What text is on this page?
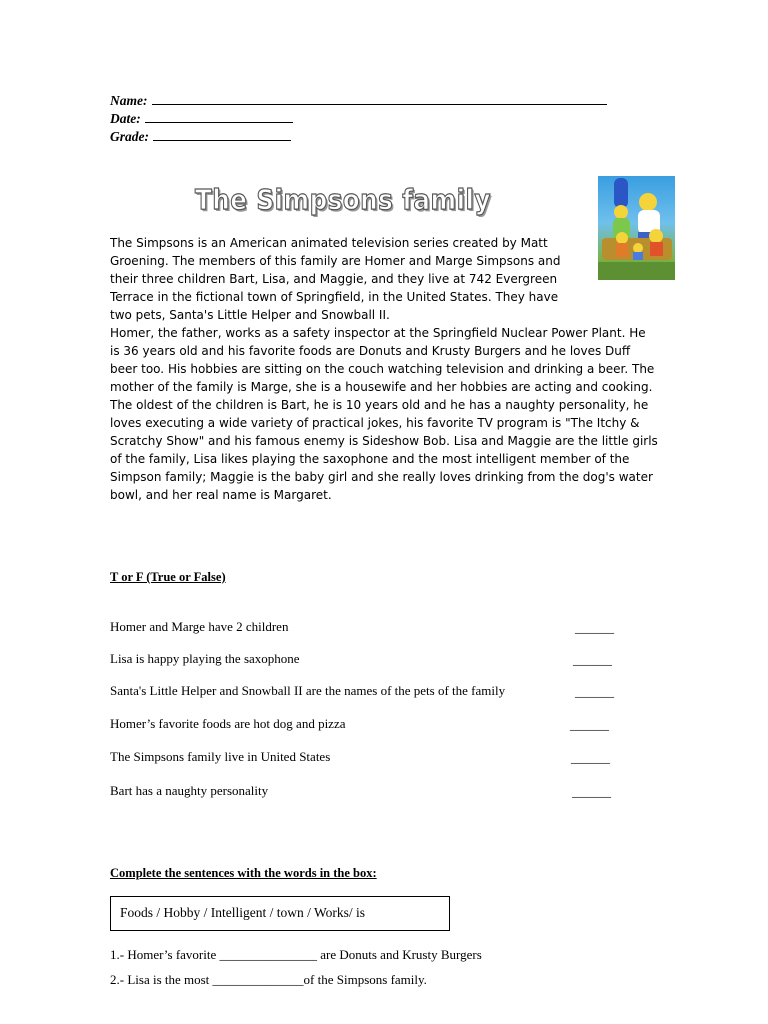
Name:
Date:
Grade:
The Simpsons family

The Simpsons is an American animated television series created by Matt Groening. The members of this family are Homer and Marge Simpsons and their three children Bart, Lisa, and Maggie, and they live at 742 Evergreen Terrace in the fictional town of Springfield, in the United States. They have two pets, Santa's Little Helper and Snowball II.

Homer, the father, works as a safety inspector at the Springfield Nuclear Power Plant. He is 36 years old and his favorite foods are Donuts and Krusty Burgers and he loves Duff beer too. His hobbies are sitting on the couch watching television and drinking a beer. The mother of the family is Marge, she is a housewife and her hobbies are acting and cooking. The oldest of the children is Bart, he is 10 years old and he has a naughty personality, he loves executing a wide variety of practical jokes, his favorite TV program is "The Itchy & Scratchy Show" and his famous enemy is Sideshow Bob. Lisa and Maggie are the little girls of the family, Lisa likes playing the saxophone and the most intelligent member of the Simpson family; Maggie is the baby girl and she really loves drinking from the dog's water bowl, and her real name is Margaret.

T or F (True or False)
Homer and Marge have 2 children	______
Lisa is happy playing the saxophone	______
Santa's Little Helper and Snowball II are the names of the pets of the family	______
Homer’s favorite foods are hot dog and pizza	______
The Simpsons family live in United States	______
Bart has a naughty personality	______
Complete the sentences with the words in the box:
Foods / Hobby / Intelligent / town / Works/ is
1.- Homer’s favorite _______________ are Donuts and Krusty Burgers
2.- Lisa is the most ______________of the Simpsons family.
